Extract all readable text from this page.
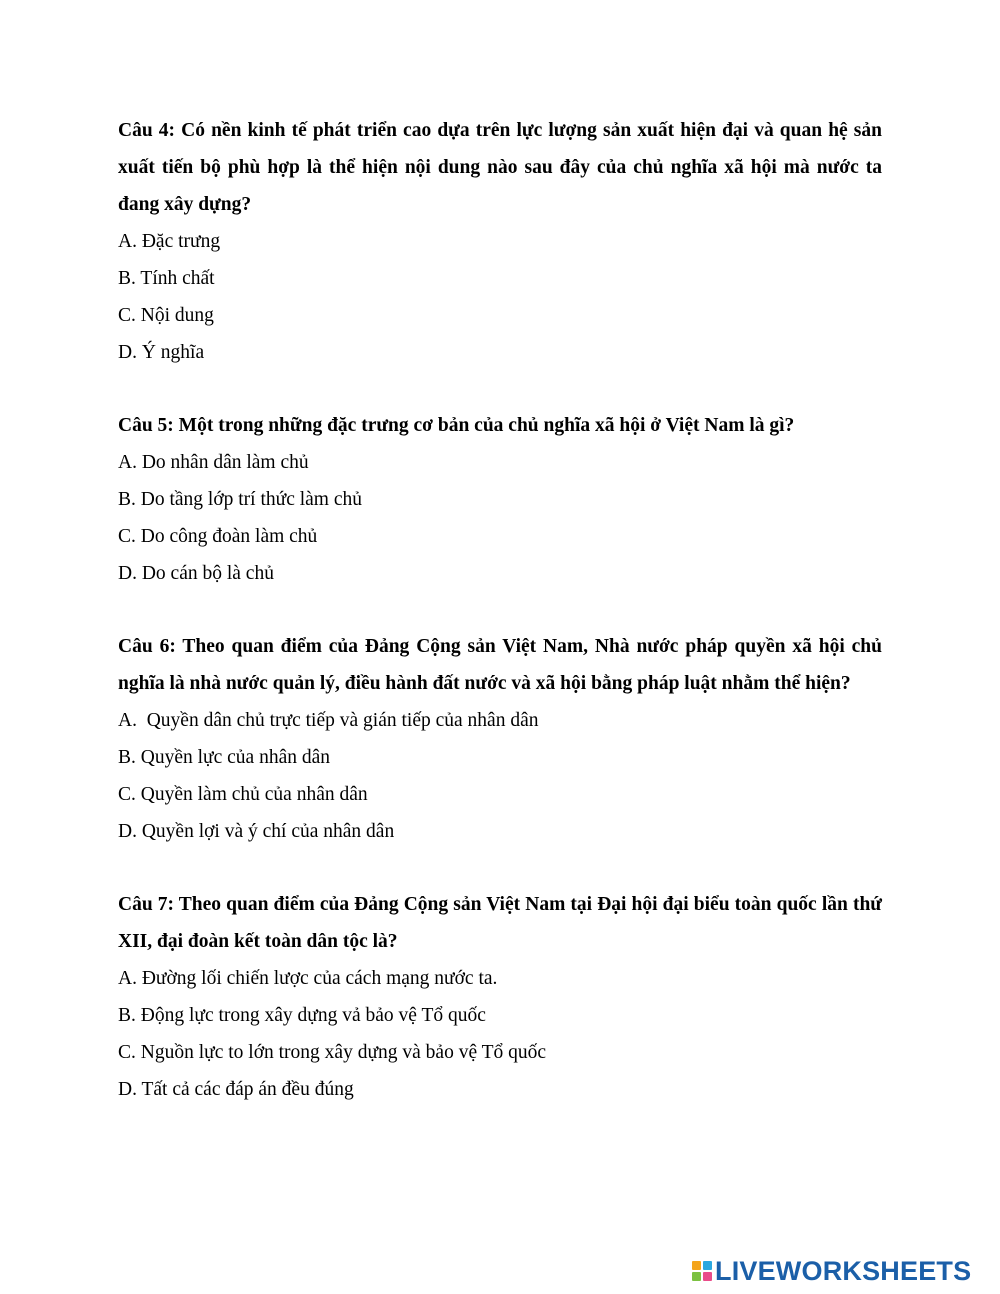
Câu 4: Có nền kinh tế phát triển cao dựa trên lực lượng sản xuất hiện đại và quan hệ sản xuất tiến bộ phù hợp là thể hiện nội dung nào sau đây của chủ nghĩa xã hội mà nước ta đang xây dựng?

A. Đặc trưng

B. Tính chất

C. Nội dung

D. Ý nghĩa

Câu 5: Một trong những đặc trưng cơ bản của chủ nghĩa xã hội ở Việt Nam là gì?

A. Do nhân dân làm chủ

B. Do tầng lớp trí thức làm chủ

C. Do công đoàn làm chủ

D. Do cán bộ là chủ

Câu 6: Theo quan điểm của Đảng Cộng sản Việt Nam, Nhà nước pháp quyền xã hội chủ nghĩa là nhà nước quản lý, điều hành đất nước và xã hội bằng pháp luật nhằm thể hiện?

A.  Quyền dân chủ trực tiếp và gián tiếp của nhân dân

B. Quyền lực của nhân dân

C. Quyền làm chủ của nhân dân

D. Quyền lợi và ý chí của nhân dân

Câu 7: Theo quan điểm của Đảng Cộng sản Việt Nam tại Đại hội đại biểu toàn quốc lần thứ XII, đại đoàn kết toàn dân tộc là?

A. Đường lối chiến lược của cách mạng nước ta.

B. Động lực trong xây dựng vả bảo vệ Tổ quốc

C. Nguồn lực to lớn trong xây dựng và bảo vệ Tổ quốc

D. Tất cả các đáp án đều đúng

LIVEWORKSHEETS
